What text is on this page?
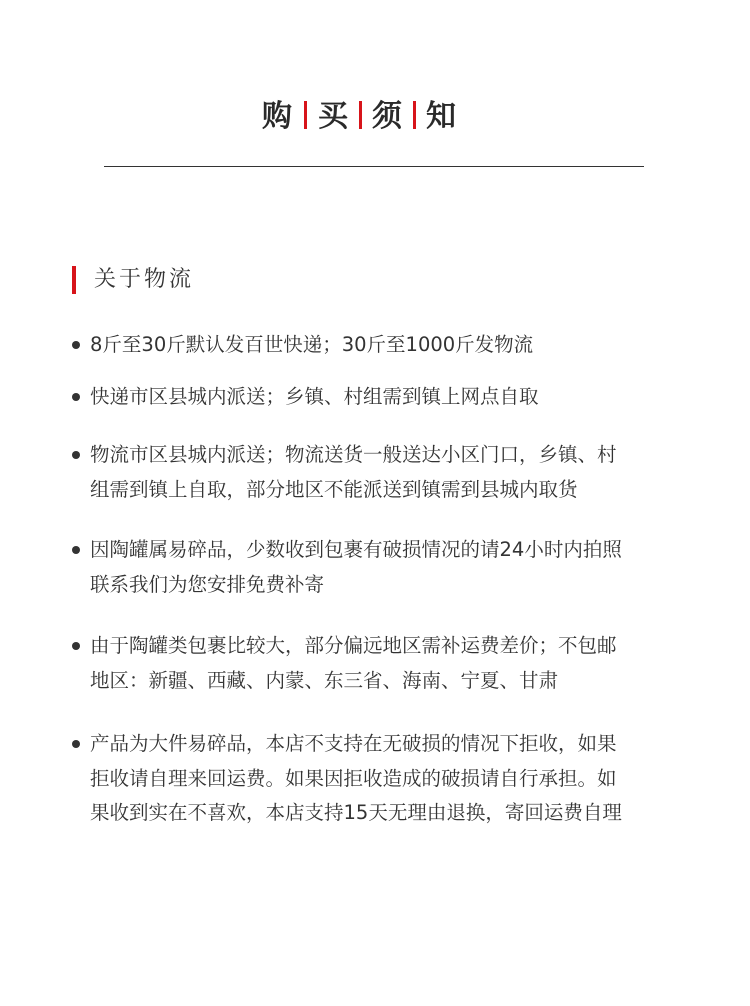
购 买 须 知
关于物流
8斤至30斤默认发百世快递；30斤至1000斤发物流
快递市区县城内派送；乡镇、村组需到镇上网点自取
物流市区县城内派送；物流送货一般送达小区门口，乡镇、村
组需到镇上自取，部分地区不能派送到镇需到县城内取货
因陶罐属易碎品，少数收到包裹有破损情况的请24小时内拍照
联系我们为您安排免费补寄
由于陶罐类包裹比较大，部分偏远地区需补运费差价；不包邮
地区：新疆、西藏、内蒙、东三省、海南、宁夏、甘肃
产品为大件易碎品，本店不支持在无破损的情况下拒收，如果
拒收请自理来回运费。如果因拒收造成的破损请自行承担。如
果收到实在不喜欢，本店支持15天无理由退换，寄回运费自理
